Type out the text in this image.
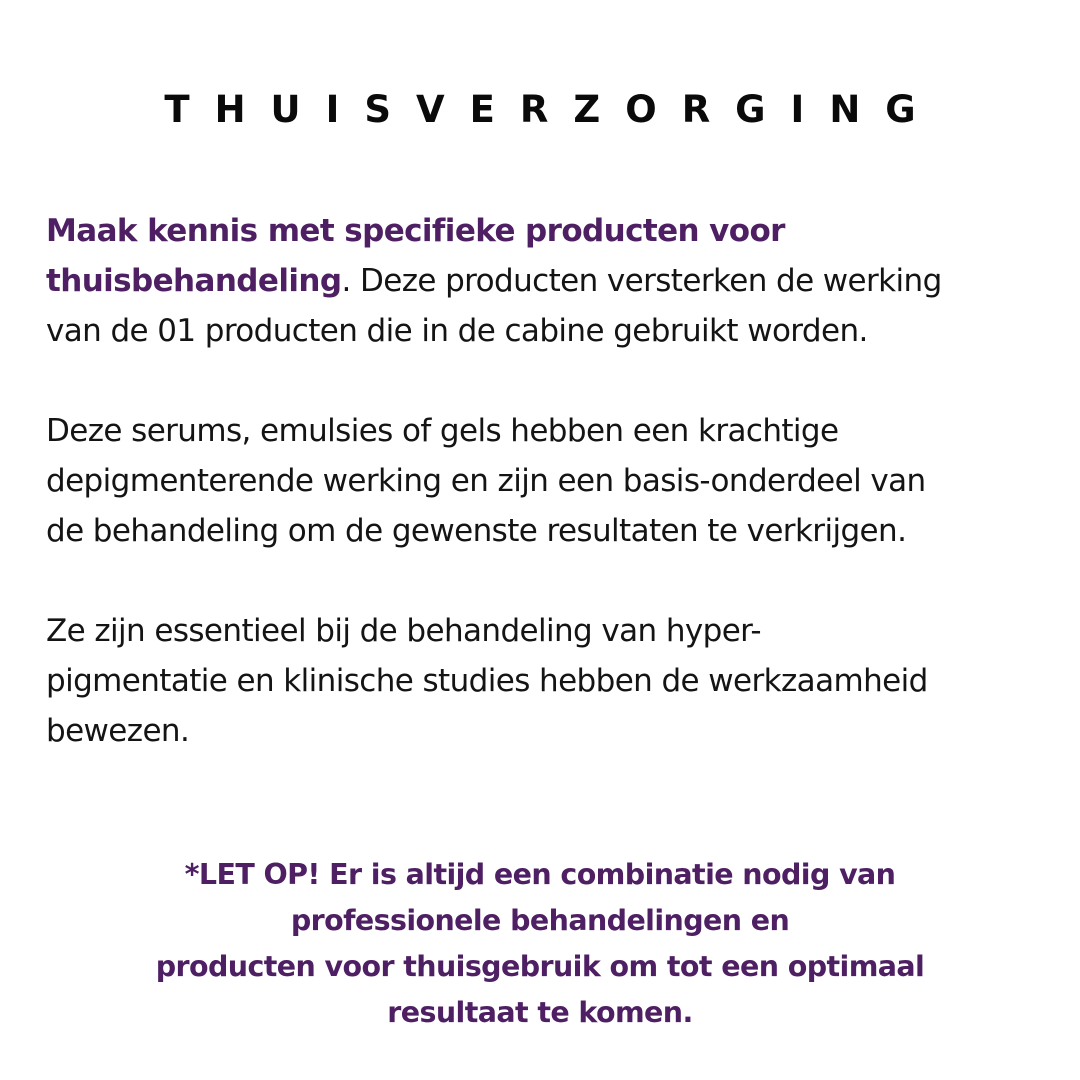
THUISVERZORGING

Maak kennis met specifieke producten voor
thuisbehandeling. Deze producten versterken de werking
van de 01 producten die in de cabine gebruikt worden.

Deze serums, emulsies of gels hebben een krachtige
depigmenterende werking en zijn een basis-onderdeel van
de behandeling om de gewenste resultaten te verkrijgen.

Ze zijn essentieel bij de behandeling van hyper-
pigmentatie en klinische studies hebben de werkzaamheid
bewezen.

*LET OP! Er is altijd een combinatie nodig van
professionele behandelingen en
producten voor thuisgebruik om tot een optimaal
resultaat te komen.
